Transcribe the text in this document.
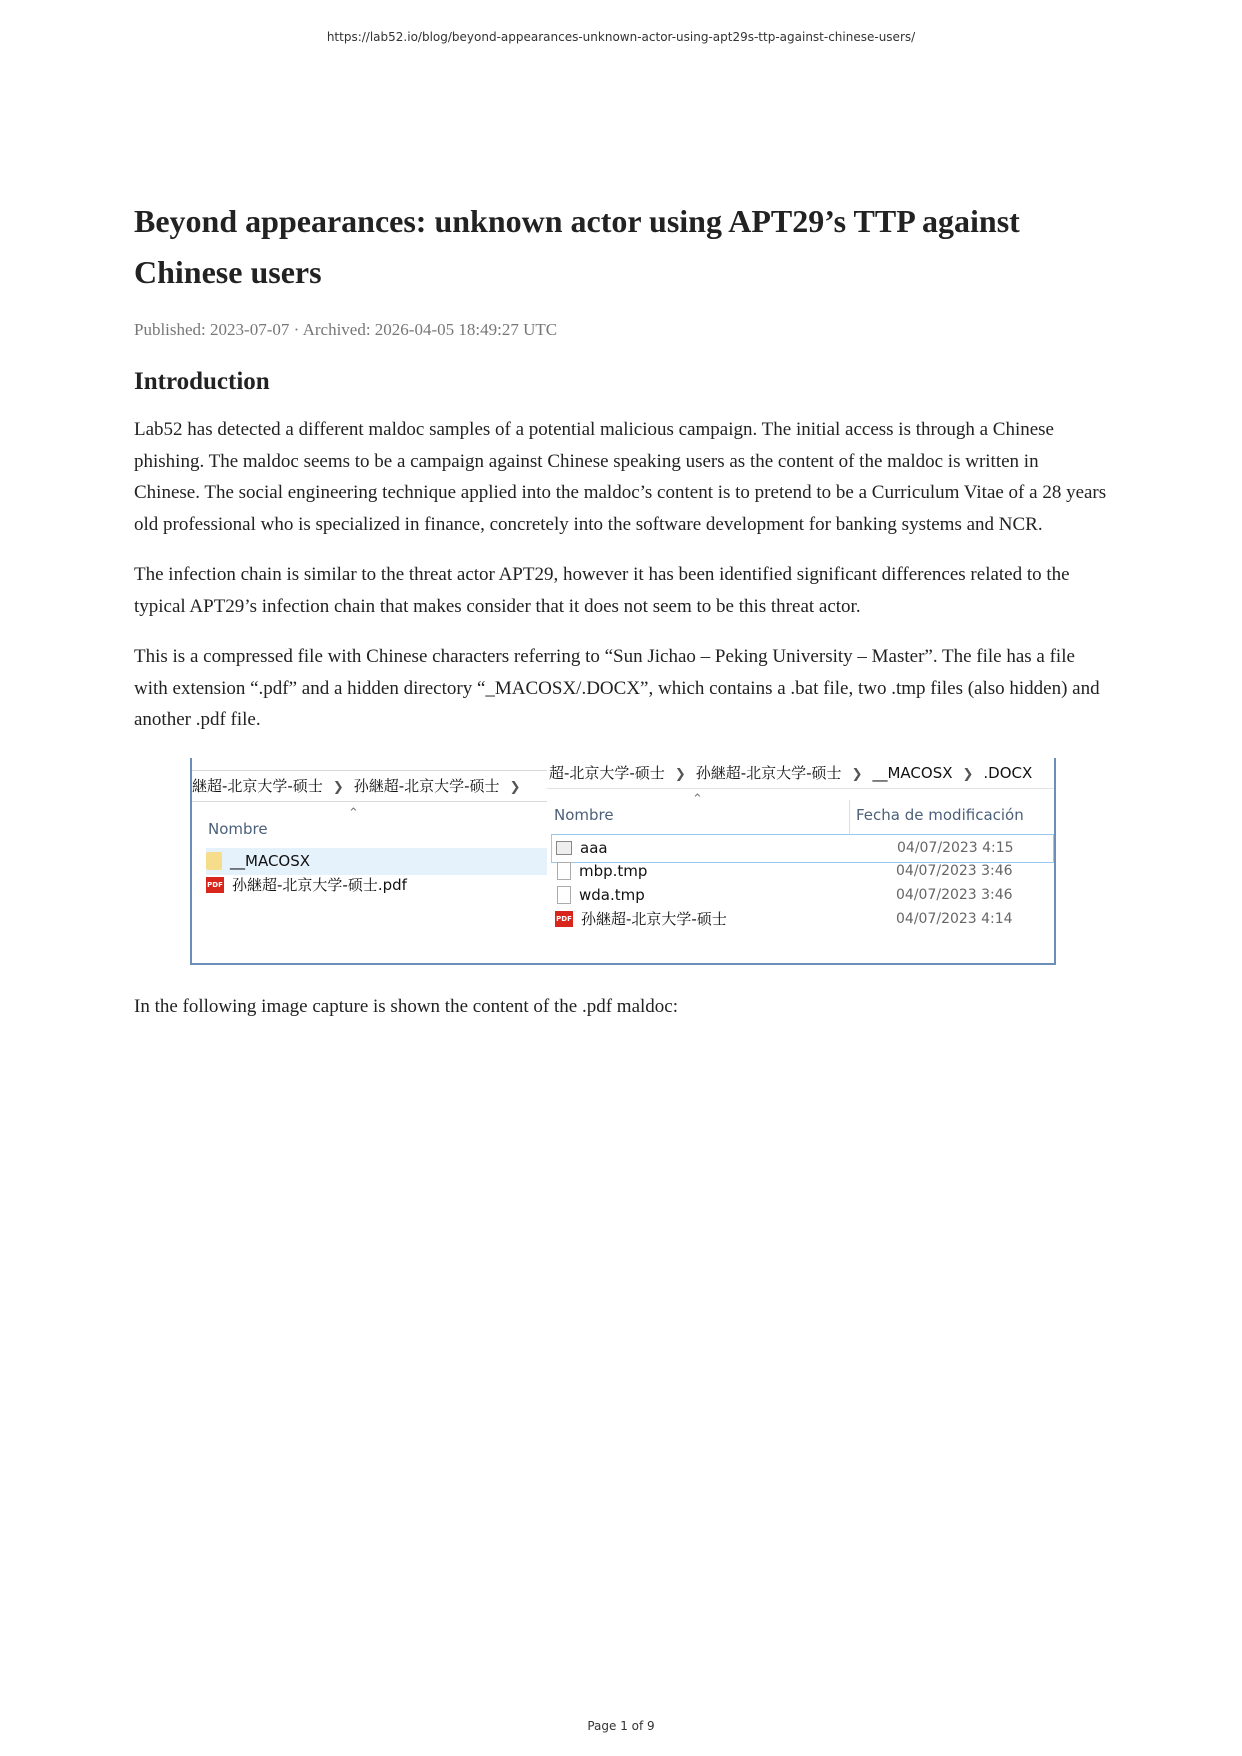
https://lab52.io/blog/beyond-appearances-unknown-actor-using-apt29s-ttp-against-chinese-users/
Beyond appearances: unknown actor using APT29’s TTP against
Chinese users
Published: 2023-07-07 · Archived: 2026-04-05 18:49:27 UTC
Introduction

Lab52 has detected a different maldoc samples of a potential malicious campaign. The initial access is through a Chinese phishing. The maldoc seems to be a campaign against Chinese speaking users as the content of the maldoc is written in Chinese. The social engineering technique applied into the maldoc’s content is to pretend to be a Curriculum Vitae of a 28 years old professional who is specialized in finance, concretely into the software development for banking systems and NCR.

The infection chain is similar to the threat actor APT29, however it has been identified significant differences related to the typical APT29’s infection chain that makes consider that it does not seem to be this threat actor.

This is a compressed file with Chinese characters referring to “Sun Jichao – Peking University – Master”. The file has a file with extension “.pdf” and a hidden directory “_MACOSX/.DOCX”, which contains a .bat file, two .tmp files (also hidden) and another .pdf file.

継超-北京大学-硕士 ❯ 孙継超-北京大学-硕士 ❯
⌃
Nombre
__MACOSX
PDF 孙継超-北京大学-硕士.pdf
超-北京大学-硕士 ❯ 孙継超-北京大学-硕士 ❯ __MACOSX ❯ .DOCX
⌃
Nombre	Fecha de modificación
aaa	04/07/2023 4:15
mbp.tmp	04/07/2023 3:46
wda.tmp	04/07/2023 3:46
PDF 孙継超-北京大学-硕士	04/07/2023 4:14

In the following image capture is shown the content of the .pdf maldoc:

Page 1 of 9
